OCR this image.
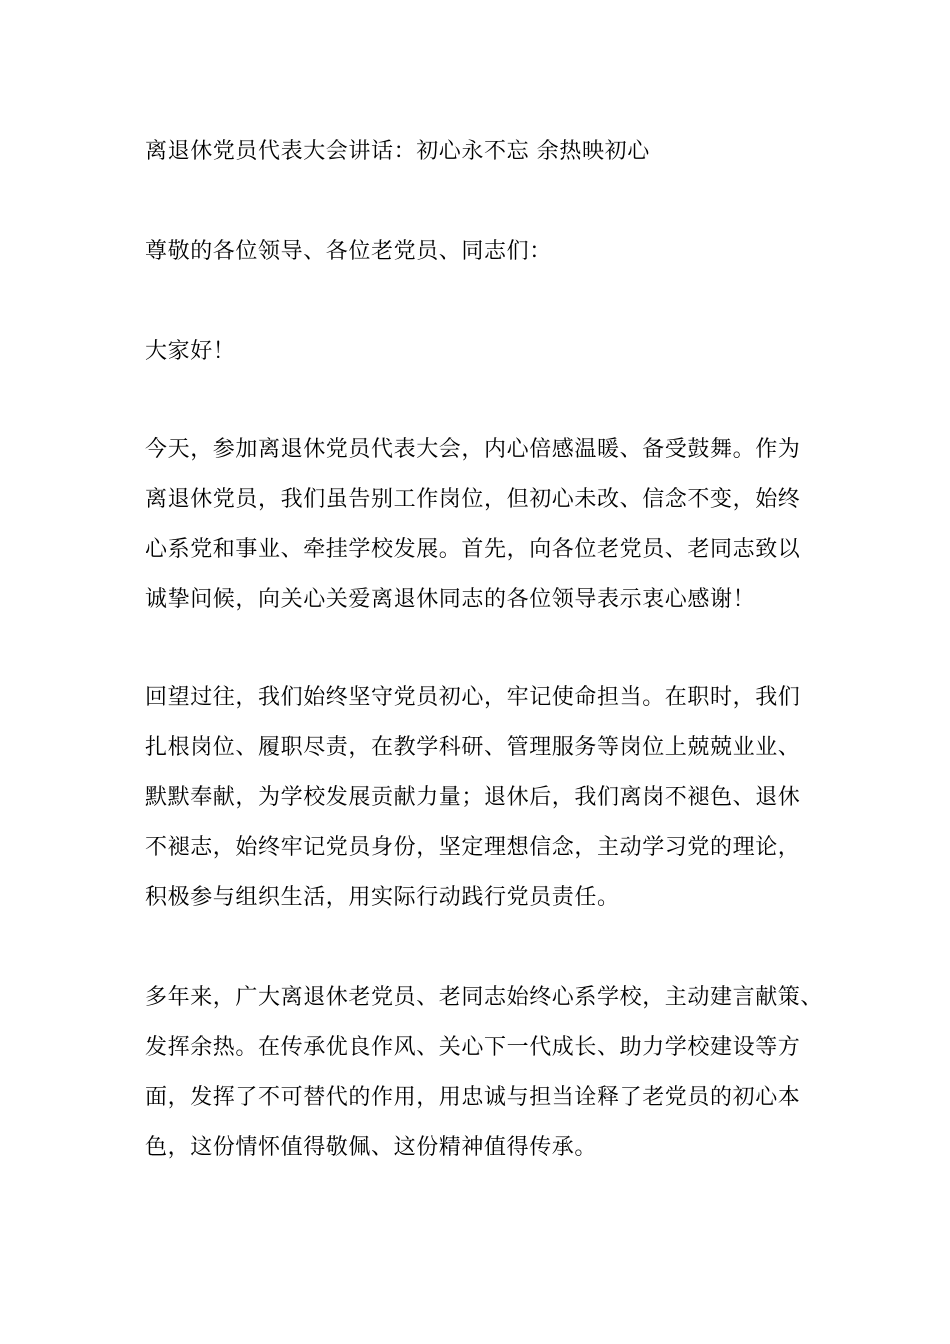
离退休党员代表大会讲话：初心永不忘 余热映初心

尊敬的各位领导、各位老党员、同志们：

大家好！

今天，参加离退休党员代表大会，内心倍感温暖、备受鼓舞。作为

离退休党员，我们虽告别工作岗位，但初心未改、信念不变，始终

心系党和事业、牵挂学校发展。首先，向各位老党员、老同志致以

诚挚问候，向关心关爱离退休同志的各位领导表示衷心感谢！

回望过往，我们始终坚守党员初心，牢记使命担当。在职时，我们

扎根岗位、履职尽责，在教学科研、管理服务等岗位上兢兢业业、

默默奉献，为学校发展贡献力量；退休后，我们离岗不褪色、退休

不褪志，始终牢记党员身份，坚定理想信念，主动学习党的理论，

积极参与组织生活，用实际行动践行党员责任。

多年来，广大离退休老党员、老同志始终心系学校，主动建言献策、

发挥余热。在传承优良作风、关心下一代成长、助力学校建设等方

面，发挥了不可替代的作用，用忠诚与担当诠释了老党员的初心本

色，这份情怀值得敬佩、这份精神值得传承。
